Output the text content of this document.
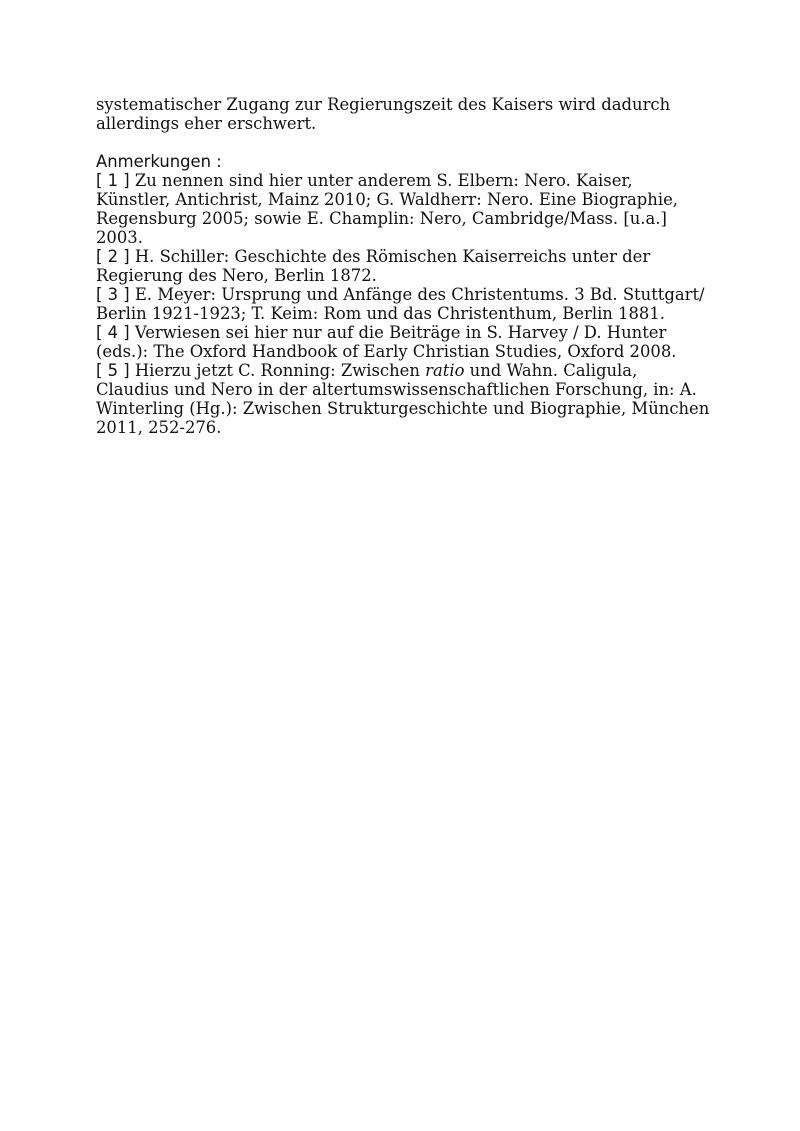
systematischer Zugang zur Regierungszeit des Kaisers wird dadurch
allerdings eher erschwert.
Anmerkungen :
[ 1 ] Zu nennen sind hier unter anderem S. Elbern: Nero. Kaiser,
Künstler, Antichrist, Mainz 2010; G. Waldherr: Nero. Eine Biographie,
Regensburg 2005; sowie E. Champlin: Nero, Cambridge/Mass. [u.a.]
2003.
[ 2 ] H. Schiller: Geschichte des Römischen Kaiserreichs unter der
Regierung des Nero, Berlin 1872.
[ 3 ] E. Meyer: Ursprung und Anfänge des Christentums. 3 Bd. Stuttgart/
Berlin 1921-1923; T. Keim: Rom und das Christenthum, Berlin 1881.
[ 4 ] Verwiesen sei hier nur auf die Beiträge in S. Harvey / D. Hunter
(eds.): The Oxford Handbook of Early Christian Studies, Oxford 2008.
[ 5 ] Hierzu jetzt C. Ronning: Zwischen ratio und Wahn. Caligula,
Claudius und Nero in der altertumswissenschaftlichen Forschung, in: A.
Winterling (Hg.): Zwischen Strukturgeschichte und Biographie, München
2011, 252-276.
